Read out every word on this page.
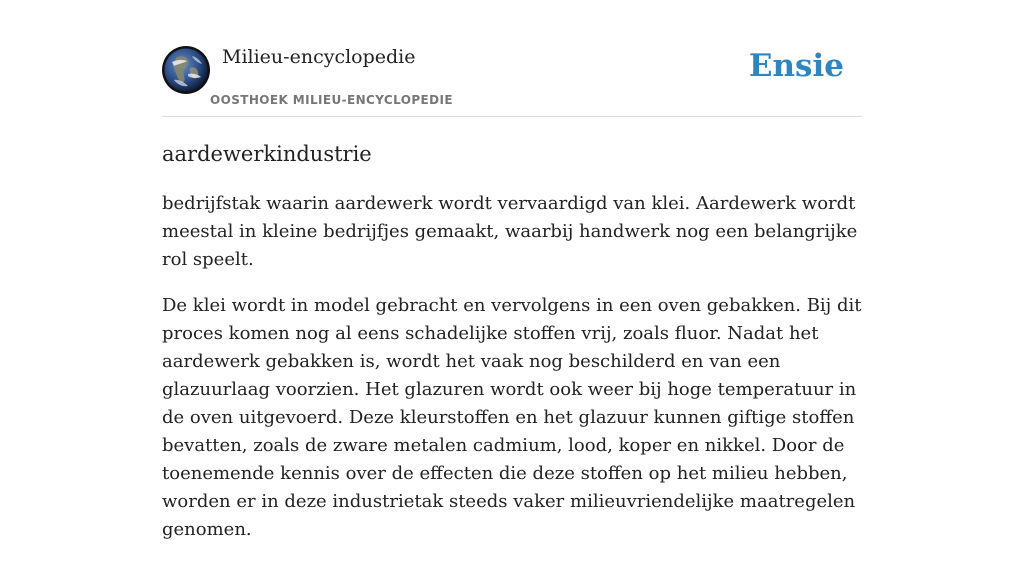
Milieu-encyclopedie
OOSTHOEK MILIEU-ENCYCLOPEDIE
Ensie
aardewerkindustrie

bedrijfstak waarin aardewerk wordt vervaardigd van klei. Aardewerk wordt meestal in kleine bedrijfjes gemaakt, waarbij handwerk nog een belangrijke rol speelt.

De klei wordt in model gebracht en vervolgens in een oven gebakken. Bij dit proces komen nog al eens schadelijke stoffen vrij, zoals fluor. Nadat het aardewerk gebakken is, wordt het vaak nog beschilderd en van een glazuurlaag voorzien. Het glazuren wordt ook weer bij hoge temperatuur in de oven uitgevoerd. Deze kleurstoffen en het glazuur kunnen giftige stoffen bevatten, zoals de zware metalen cadmium, lood, koper en nikkel. Door de toenemende kennis over de effecten die deze stoffen op het milieu hebben, worden er in deze industrietak steeds vaker milieuvriendelijke maatregelen genomen.
